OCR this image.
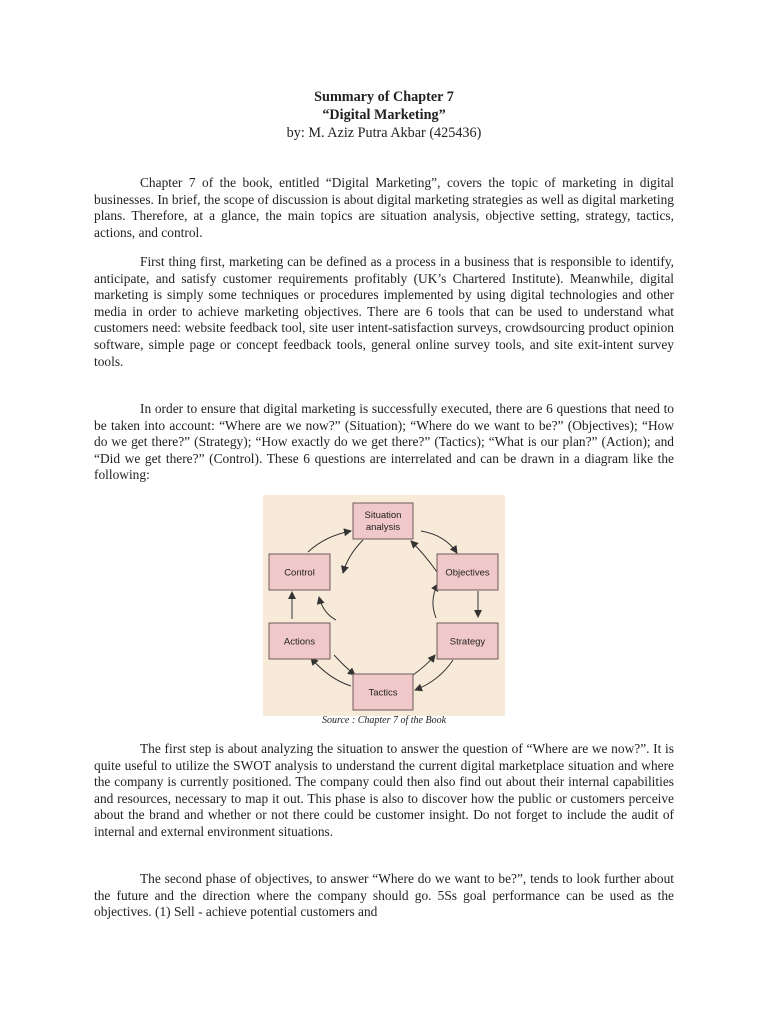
Summary of Chapter 7
“Digital Marketing”
by: M. Aziz Putra Akbar (425436)

Chapter 7 of the book, entitled “Digital Marketing”, covers the topic of marketing in digital businesses. In brief, the scope of discussion is about digital marketing strategies as well as digital marketing plans. Therefore, at a glance, the main topics are situation analysis, objective setting, strategy, tactics, actions, and control.

First thing first, marketing can be defined as a process in a business that is responsible to identify, anticipate, and satisfy customer requirements profitably (UK’s Chartered Institute). Meanwhile, digital marketing is simply some techniques or procedures implemented by using digital technologies and other media in order to achieve marketing objectives. There are 6 tools that can be used to understand what customers need: website feedback tool, site user intent-satisfaction surveys, crowdsourcing product opinion software, simple page or concept feedback tools, general online survey tools, and site exit-intent survey tools.

In order to ensure that digital marketing is successfully executed, there are 6 questions that need to be taken into account: “Where are we now?” (Situation); “Where do we want to be?” (Objectives); “How do we get there?” (Strategy); “How exactly do we get there?” (Tactics); “What is our plan?” (Action); and “Did we get there?” (Control). These 6 questions are interrelated and can be drawn in a diagram like the following:

Situation
analysis
Objectives
Strategy
Tactics
Actions
Control
Source : Chapter 7 of the Book

The first step is about analyzing the situation to answer the question of “Where are we now?”. It is quite useful to utilize the SWOT analysis to understand the current digital marketplace situation and where the company is currently positioned. The company could then also find out about their internal capabilities and resources, necessary to map it out. This phase is also to discover how the public or customers perceive about the brand and whether or not there could be customer insight. Do not forget to include the audit of internal and external environment situations.

The second phase of objectives, to answer “Where do we want to be?”, tends to look further about the future and the direction where the company should go. 5Ss goal performance can be used as the objectives. (1) Sell - achieve potential customers and
